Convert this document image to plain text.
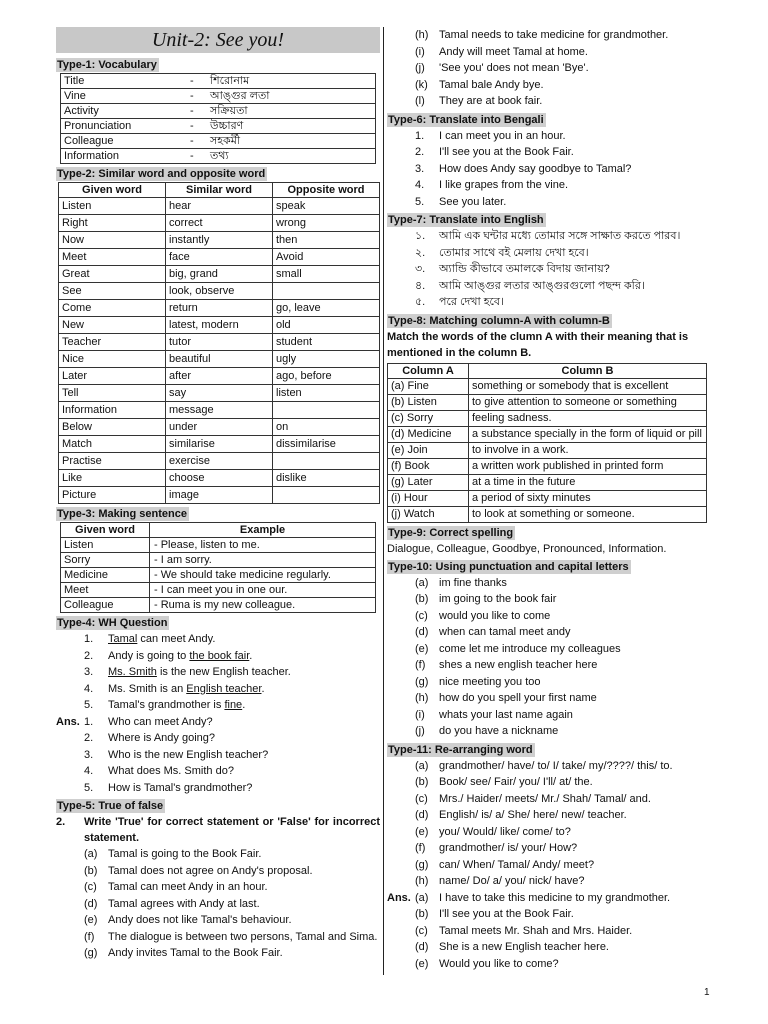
Unit-2: See you!
Type-1: Vocabulary
Title	-	শিরোনাম
Vine	-	আঙ্গুর লতা
Activity	-	সক্রিয়তা
Pronunciation	-	উচ্চারণ
Colleague	-	সহকর্মী
Information	-	তথ্য
Type-2: Similar word and opposite word
Given word	Similar word	Opposite word
Listen	hear	speak
Right	correct	wrong
Now	instantly	then
Meet	face	Avoid
Great	big, grand	small
See	look, observe	
Come	return	go, leave
New	latest, modern	old
Teacher	tutor	student
Nice	beautiful	ugly
Later	after	ago, before
Tell	say	listen
Information	message	
Below	under	on
Match	similarise	dissimilarise
Practise	exercise	
Like	choose	dislike
Picture	image	
Type-3: Making sentence
Given word	Example
Listen	- Please, listen to me.
Sorry	- I am sorry.
Medicine	- We should take medicine regularly.
Meet	- I can meet you in one our.
Colleague	- Ruma is my new colleague.
Type-4: WH Question
1. Tamal can meet Andy.
2. Andy is going to the book fair.
3. Ms. Smith is the new English teacher.
4. Ms. Smith is an English teacher.
5. Tamal's grandmother is fine.
Ans. 1. Who can meet Andy?
2. Where is Andy going?
3. Who is the new English teacher?
4. What does Ms. Smith do?
5. How is Tamal's grandmother?
Type-5: True of false
2. Write 'True' for correct statement or 'False' for incorrect statement.
(a) Tamal is going to the Book Fair.
(b) Tamal does not agree on Andy's proposal.
(c) Tamal can meet Andy in an hour.
(d) Tamal agrees with Andy at last.
(e) Andy does not like Tamal's behaviour.
(f) The dialogue is between two persons, Tamal and Sima.
(g) Andy invites Tamal to the Book Fair.
(h) Tamal needs to take medicine for grandmother.
(i) Andy will meet Tamal at home.
(j) 'See you' does not mean 'Bye'.
(k) Tamal bale Andy bye.
(l) They are at book fair.
Type-6: Translate into Bengali
1. I can meet you in an hour.
2. I'll see you at the Book Fair.
3. How does Andy say goodbye to Tamal?
4. I like grapes from the vine.
5. See you later.
Type-7: Translate into English
১. আমি এক ঘন্টার মধ্যে তোমার সঙ্গে সাক্ষাত করতে পারব।
২. তোমার সাথে বই মেলায় দেখা হবে।
৩. অ্যান্ডি কীভাবে তমালকে বিদায় জানায়?
৪. আমি আঙ্গুর লতার আঙ্গুরগুলো পছন্দ করি।
৫. পরে দেখা হবে।
Type-8: Matching column-A with column-B
Match the words of the clumn A with their meaning that is mentioned in the column B.
Column A	Column B
(a) Fine	something or somebody that is excellent
(b) Listen	to give attention to someone or something
(c) Sorry	feeling sadness.
(d) Medicine	a substance specially in the form of liquid or pill
(e) Join	to involve in a work.
(f) Book	a written work published in printed form
(g) Later	at a time in the future
(i) Hour	a period of sixty minutes
(j) Watch	to look at something or someone.
Type-9: Correct spelling
Dialogue, Colleague, Goodbye, Pronounced, Information.
Type-10: Using punctuation and capital letters
(a) im fine thanks
(b) im going to the book fair
(c) would you like to come
(d) when can tamal meet andy
(e) come let me introduce my colleagues
(f) shes a new english teacher here
(g) nice meeting you too
(h) how do you spell your first name
(i) whats your last name again
(j) do you have a nickname
Type-11: Re-arranging word
(a) grandmother/ have/ to/ I/ take/ my/????/ this/ to.
(b) Book/ see/ Fair/ you/ I'll/ at/ the.
(c) Mrs./ Haider/ meets/ Mr./ Shah/ Tamal/ and.
(d) English/ is/ a/ She/ here/ new/ teacher.
(e) you/ Would/ like/ come/ to?
(f) grandmother/ is/ your/ How?
(g) can/ When/ Tamal/ Andy/ meet?
(h) name/ Do/ a/ you/ nick/ have?
Ans. (a) I have to take this medicine to my grandmother.
(b) I'll see you at the Book Fair.
(c) Tamal meets Mr. Shah and Mrs. Haider.
(d) She is a new English teacher here.
(e) Would you like to come?
1
